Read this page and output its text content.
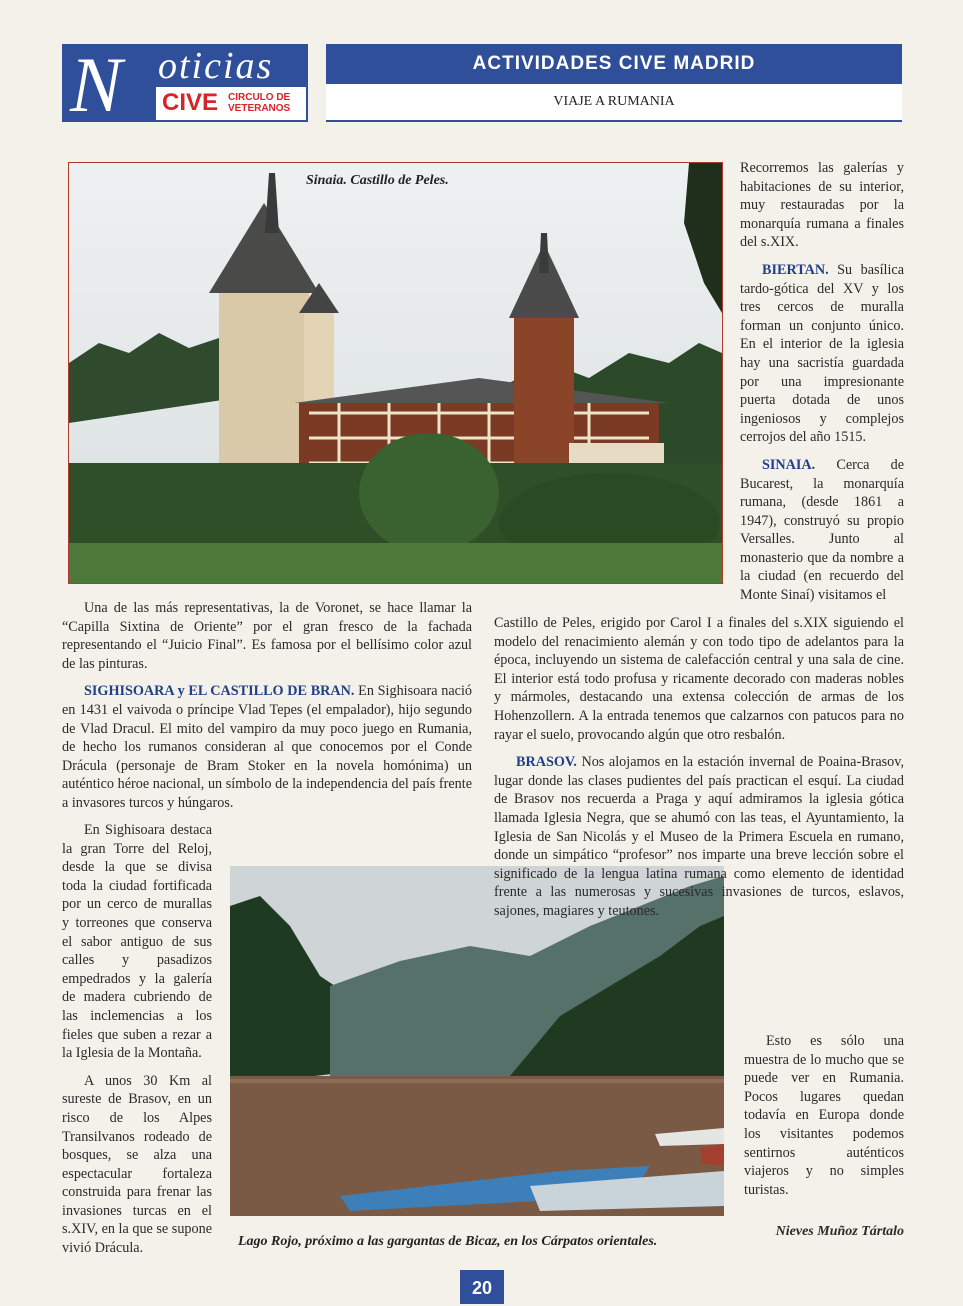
N oticias
CIVE CIRCULO DE
VETERANOS
ACTIVIDADES CIVE MADRID
VIAJE A RUMANIA
Sinaia. Castillo de Peles.
Lago Rojo, próximo a las gargantas de Bicaz, en los Cárpatos orientales.

Recorremos las galerías y habitaciones de su interior, muy restauradas por la monarquía rumana a finales del s.XIX.

BIERTAN. Su basílica tardo-gótica del XV y los tres cercos de muralla forman un conjunto único. En el interior de la iglesia hay una sacristía guardada por una impresionante puerta dotada de unos ingeniosos y complejos cerrojos del año 1515.

SINAIA. Cerca de Bucarest, la monarquía rumana, (desde 1861 a 1947), construyó su propio Versalles. Junto al monasterio que da nombre a la ciudad (en recuerdo del Monte Sinaí) visitamos el

Castillo de Peles, erigido por Carol I a finales del s.XIX siguiendo el modelo del renacimiento alemán y con todo tipo de adelantos para la época, incluyendo un sistema de calefacción central y una sala de cine. El interior está todo profusa y ricamente decorado con maderas nobles y mármoles, destacando una extensa colección de armas de los Hohenzollern. A la entrada tenemos que calzarnos con patucos para no rayar el suelo, provocando algún que otro resbalón.

BRASOV. Nos alojamos en la estación invernal de Poaina-Brasov, lugar donde las clases pudientes del país practican el esquí. La ciudad de Brasov nos recuerda a Praga y aquí admiramos la iglesia gótica llamada Iglesia Negra, que se ahumó con las teas, el Ayuntamiento, la Iglesia de San Nicolás y el Museo de la Primera Escuela en rumano, donde un simpático “profesor” nos imparte una breve lección sobre el significado de la lengua latina rumana como elemento de identidad frente a las numerosas y sucesivas invasiones de turcos, eslavos, sajones, magiares y teutones.

Esto es sólo una muestra de lo mucho que se puede ver en Rumania. Pocos lugares quedan todavía en Europa donde los visitantes podemos sentirnos auténticos viajeros y no simples turistas.

Una de las más representativas, la de Voronet, se hace llamar la “Capilla Sixtina de Oriente” por el gran fresco de la fachada representando el “Juicio Final”. Es famosa por el bellísimo color azul de las pinturas.

SIGHISOARA y EL CASTILLO DE BRAN. En Sighisoara nació en 1431 el vaivoda o príncipe Vlad Tepes (el empalador), hijo segundo de Vlad Dracul. El mito del vampiro da muy poco juego en Rumania, de hecho los rumanos consideran al que conocemos por el Conde Drácula (personaje de Bram Stoker en la novela homónima) un auténtico héroe nacional, un símbolo de la independencia del país frente a invasores turcos y húngaros.

En Sighisoara destaca la gran Torre del Reloj, desde la que se divisa toda la ciudad fortificada por un cerco de murallas y torreones que conserva el sabor antiguo de sus calles y pasadizos empedrados y la galería de madera cubriendo de las inclemencias a los fieles que suben a rezar a la Iglesia de la Montaña.

A unos 30 Km al sureste de Brasov, en un risco de los Alpes Transilvanos rodeado de bosques, se alza una espectacular fortaleza construida para frenar las invasiones turcas en el s.XIV, en la que se supone vivió Drácula.

Nieves Muñoz Tártalo
20
